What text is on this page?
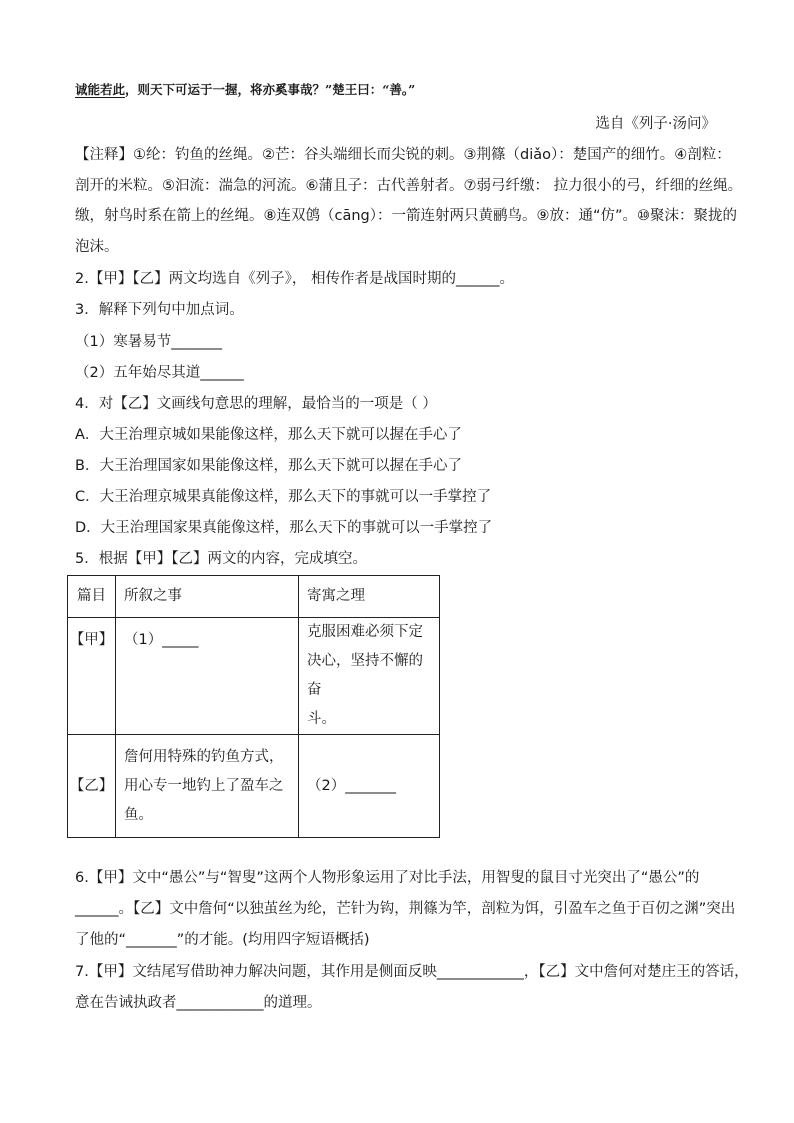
诚能若此，则天下可运于一握，将亦奚事哉？”楚王曰：“善。”
选自《列子·汤问》
【注释】①纶：钓鱼的丝绳。②芒：谷头端细长而尖锐的刺。③荆篠（diǎo）：楚国产的细竹。④剖粒：
剖开的米粒。⑤汩流：湍急的河流。⑥蒲且子：古代善射者。⑦弱弓纤缴： 拉力很小的弓，纤细的丝绳。
缴，射鸟时系在箭上的丝绳。⑧连双鸧（cāng）：一箭连射两只黄鹂鸟。⑨放：通“仿”。⑩聚沫：聚拢的
泡沫。
2.【甲】【乙】两文均选自《列子》， 相传作者是战国时期的______。
3．解释下列句中加点词。
（1）寒暑易节_______
（2）五年始尽其道______
4．对【乙】文画线句意思的理解，最恰当的一项是（ ）
A．大王治理京城如果能像这样，那么天下就可以握在手心了
B．大王治理国家如果能像这样，那么天下就可以握在手心了
C．大王治理京城果真能像这样，那么天下的事就可以一手掌控了
D．大王治理国家果真能像这样，那么天下的事就可以一手掌控了
5．根据【甲】【乙】两文的内容，完成填空。
篇目	所叙之事	寄寓之理
【甲】	（1）_____	克服困难必须下定
决心，坚持不懈的奋
斗。

【乙】	詹何用特殊的钓鱼方式，
用心专一地钓上了盈车之
鱼。	（2）_______
6.【甲】文中“愚公”与“智叟”这两个人物形象运用了对比手法，用智叟的鼠目寸光突出了“愚公”的
______。【乙】文中詹何“以独茧丝为纶，芒针为钩，荆篠为竿，剖粒为饵，引盈车之鱼于百仞之渊”突出
了他的“_______”的才能。(均用四字短语概括)
7.【甲】文结尾写借助神力解决问题，其作用是侧面反映____________，【乙】文中詹何对楚庄王的答话，
意在告诫执政者____________的道理。
